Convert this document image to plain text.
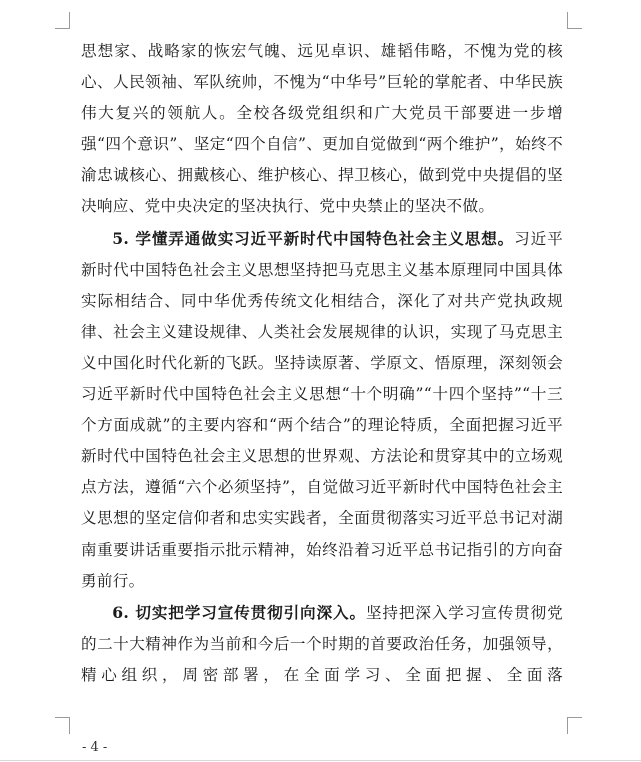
思想家、战略家的恢宏气魄、远见卓识、雄韬伟略，不愧为党的核心、人民领袖、军队统帅，不愧为“中华号”巨轮的掌舵者、中华民族伟大复兴的领航人。全校各级党组织和广大党员干部要进一步增强“四个意识”、坚定“四个自信”、更加自觉做到“两个维护”，始终不渝忠诚核心、拥戴核心、维护核心、捍卫核心，做到党中央提倡的坚决响应、党中央决定的坚决执行、党中央禁止的坚决不做。

5. 学懂弄通做实习近平新时代中国特色社会主义思想。习近平新时代中国特色社会主义思想坚持把马克思主义基本原理同中国具体实际相结合、同中华优秀传统文化相结合，深化了对共产党执政规律、社会主义建设规律、人类社会发展规律的认识，实现了马克思主义中国化时代化新的飞跃。坚持读原著、学原文、悟原理，深刻领会习近平新时代中国特色社会主义思想“十个明确”“十四个坚持”“十三个方面成就”的主要内容和“两个结合”的理论特质，全面把握习近平新时代中国特色社会主义思想的世界观、方法论和贯穿其中的立场观点方法，遵循“六个必须坚持”，自觉做习近平新时代中国特色社会主义思想的坚定信仰者和忠实实践者，全面贯彻落实习近平总书记对湖南重要讲话重要指示批示精神，始终沿着习近平总书记指引的方向奋勇前行。

6. 切实把学习宣传贯彻引向深入。坚持把深入学习宣传贯彻党的二十大精神作为当前和今后一个时期的首要政治任务，加强领导，精心组织，周密部署，在全面学习、全面把握、全面落

- 4 -
